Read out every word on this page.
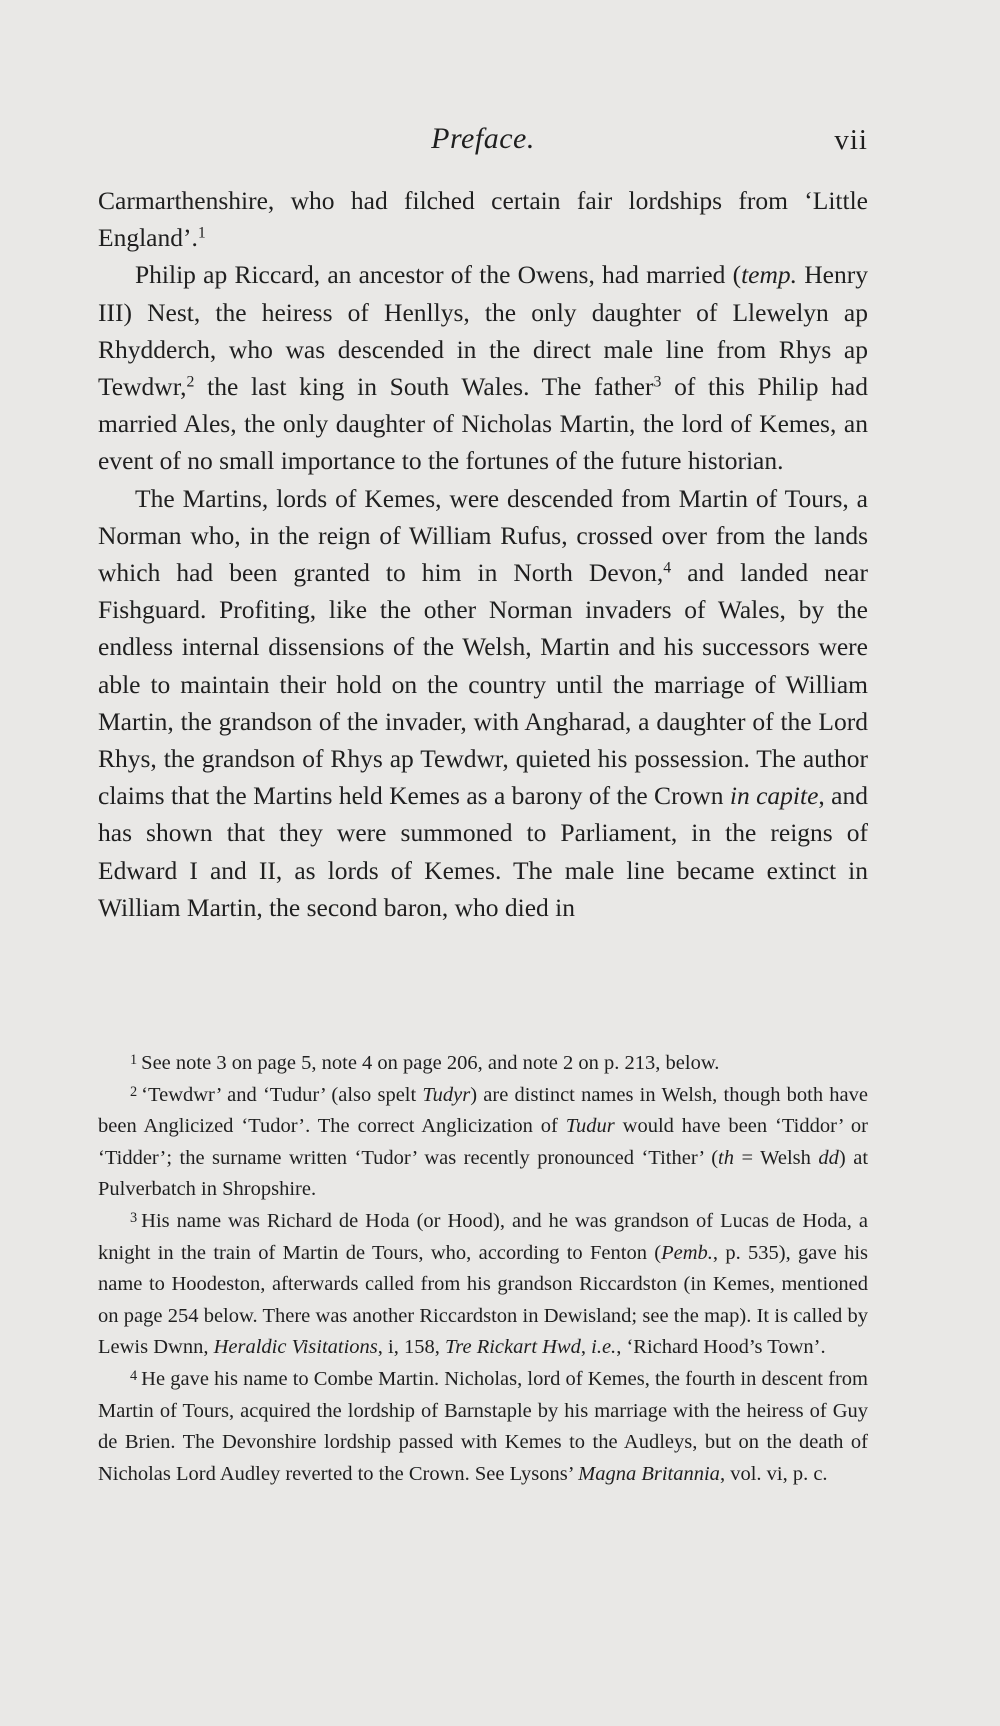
Preface.	vii

Carmarthenshire, who had filched certain fair lordships from ‘Little England’.$^1$

Philip ap Riccard, an ancestor of the Owens, had married (temp. Henry III) Nest, the heiress of Henllys, the only daughter of Llewelyn ap Rhydderch, who was descended in the direct male line from Rhys ap Tewdwr,$^2$ the last king in South Wales. The father$^3$ of this Philip had married Ales, the only daughter of Nicholas Martin, the lord of Kemes, an event of no small importance to the fortunes of the future historian.

The Martins, lords of Kemes, were descended from Martin of Tours, a Norman who, in the reign of William Rufus, crossed over from the lands which had been granted to him in North Devon,$^4$ and landed near Fishguard. Profiting, like the other Norman invaders of Wales, by the endless internal dissensions of the Welsh, Martin and his successors were able to maintain their hold on the country until the marriage of William Martin, the grandson of the invader, with Angharad, a daughter of the Lord Rhys, the grandson of Rhys ap Tewdwr, quieted his possession. The author claims that the Martins held Kemes as a barony of the Crown in capite, and has shown that they were summoned to Parliament, in the reigns of Edward I and II, as lords of Kemes. The male line became extinct in William Martin, the second baron, who died in

$^1$ See note 3 on page 5, note 4 on page 206, and note 2 on p. 213, below.

$^2$ ‘Tewdwr’ and ‘Tudur’ (also spelt Tudyr) are distinct names in Welsh, though both have been Anglicized ‘Tudor’. The correct Anglicization of Tudur would have been ‘Tiddor’ or ‘Tidder’; the surname written ‘Tudor’ was recently pronounced ‘Tither’ (th = Welsh dd) at Pulverbatch in Shropshire.

$^3$ His name was Richard de Hoda (or Hood), and he was grandson of Lucas de Hoda, a knight in the train of Martin de Tours, who, according to Fenton (Pemb., p. 535), gave his name to Hoodeston, afterwards called from his grandson Riccardston (in Kemes, mentioned on page 254 below. There was another Riccardston in Dewisland; see the map). It is called by Lewis Dwnn, Heraldic Visitations, i, 158, Tre Rickart Hwd, i.e., ‘Richard Hood’s Town’.

$^4$ He gave his name to Combe Martin. Nicholas, lord of Kemes, the fourth in descent from Martin of Tours, acquired the lordship of Barnstaple by his marriage with the heiress of Guy de Brien. The Devonshire lordship passed with Kemes to the Audleys, but on the death of Nicholas Lord Audley reverted to the Crown. See Lysons’ Magna Britannia, vol. vi, p. c.
